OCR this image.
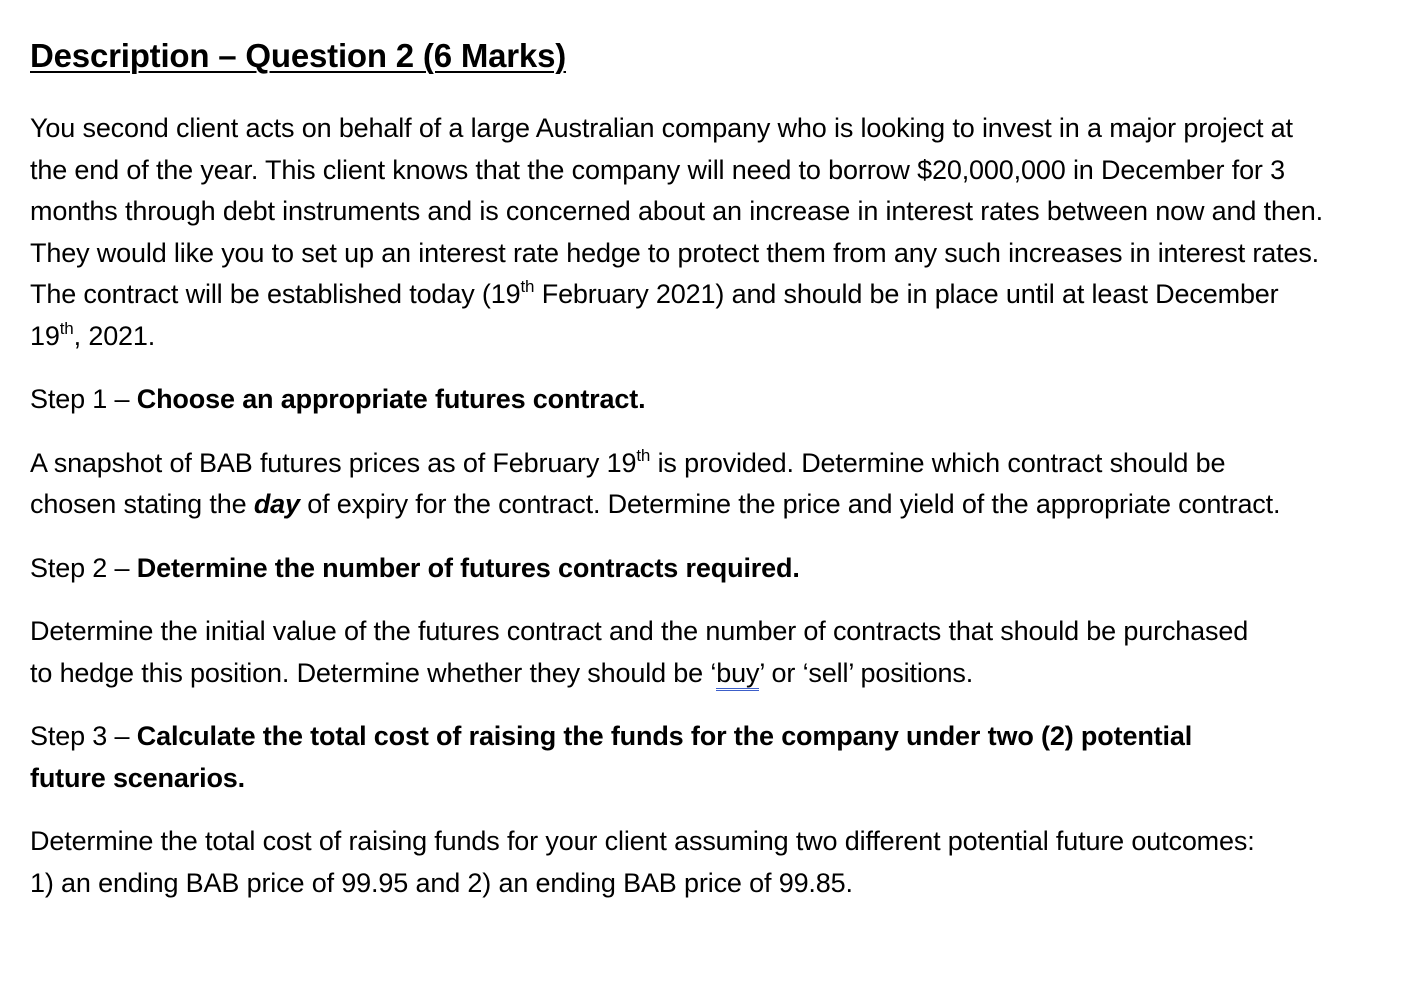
Description – Question 2 (6 Marks)

You second client acts on behalf of a large Australian company who is looking to invest in a major project at the end of the year. This client knows that the company will need to borrow $20,000,000 in December for 3 months through debt instruments and is concerned about an increase in interest rates between now and then. They would like you to set up an interest rate hedge to protect them from any such increases in interest rates. The contract will be established today (19th February 2021) and should be in place until at least December 19th, 2021.

Step 1 – Choose an appropriate futures contract.

A snapshot of BAB futures prices as of February 19th is provided. Determine which contract should be chosen stating the day of expiry for the contract. Determine the price and yield of the appropriate contract.

Step 2 – Determine the number of futures contracts required.

Determine the initial value of the futures contract and the number of contracts that should be purchased to hedge this position. Determine whether they should be ‘buy’ or ‘sell’ positions.

Step 3 – Calculate the total cost of raising the funds for the company under two (2) potential future scenarios.

Determine the total cost of raising funds for your client assuming two different potential future outcomes: 1) an ending BAB price of 99.95 and 2) an ending BAB price of 99.85.
